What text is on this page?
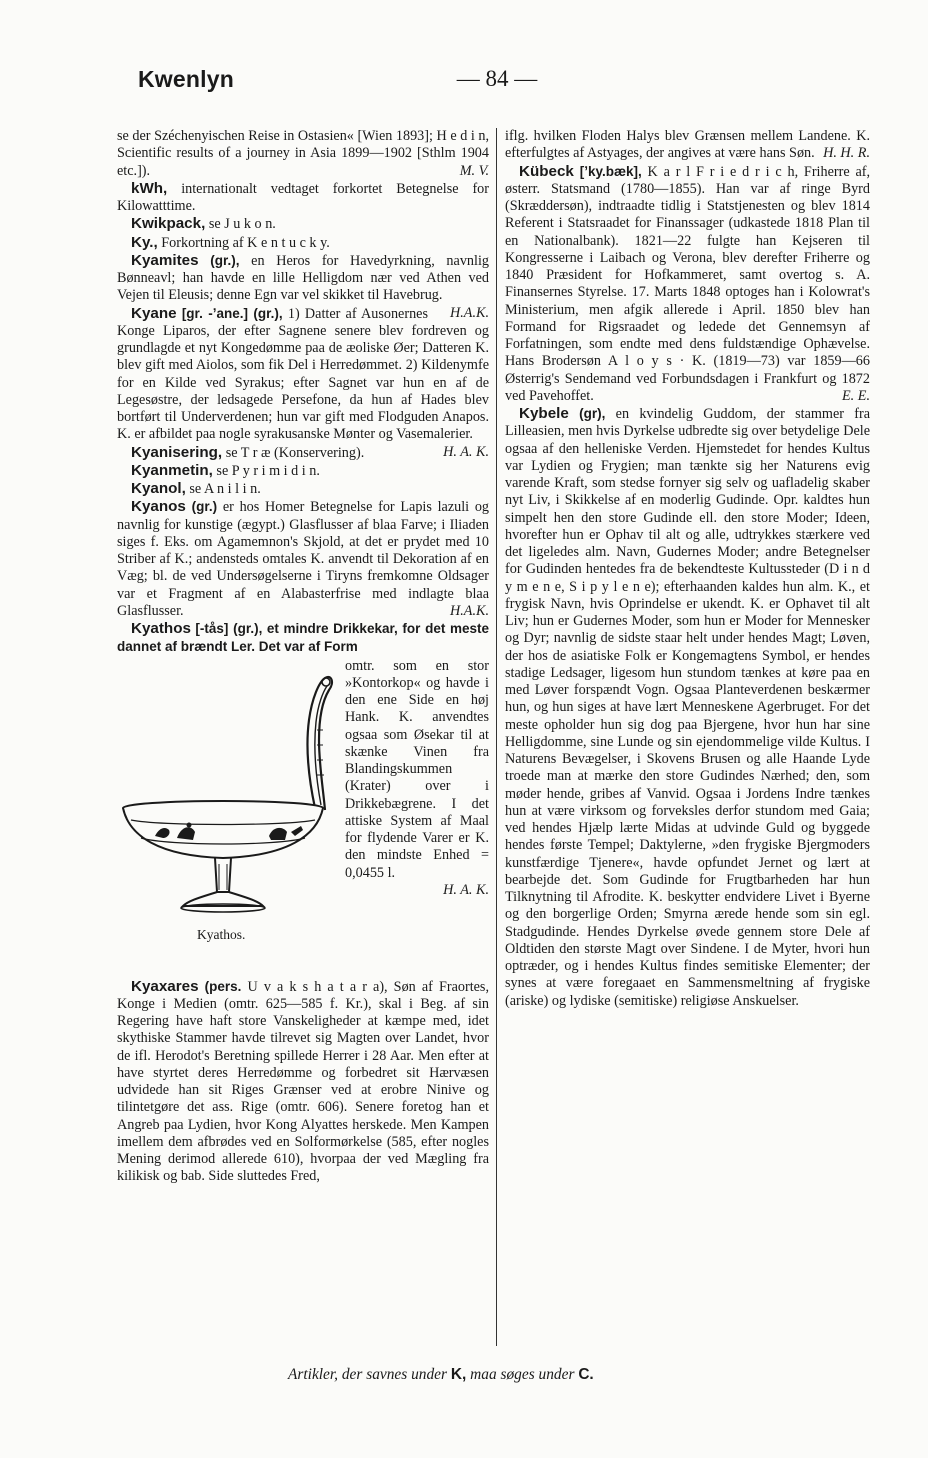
Kwenlyn	— 84 —

se der Széchenyischen Reise in Ostasien« [Wien 1893]; H e d i n, Scientific results of a journey in Asia 1899—1902 [Sthlm 1904 etc.]).	M. V.

kWh, internationalt vedtaget forkortet Betegnelse for Kilowatttime.

Kwikpack, se J u k o n.

Ky., Forkortning af K e n t u c k y.

Kyamites (gr.), en Heros for Havedyrkning, navnlig Bønneavl; han havde en lille Helligdom nær ved Athen ved Vejen til Eleusis; denne Egn var vel skikket til Havebrug.
H.A.K.

Kyane [gr. -ʼane.] (gr.), 1) Datter af Ausonernes Konge Liparos, der efter Sagnene senere blev fordreven og grundlagde et nyt Kongedømme paa de æoliske Øer; Datteren K. blev gift med Aiolos, som fik Del i Herredømmet. 2) Kildenymfe for en Kilde ved Syrakus; efter Sagnet var hun en af de Legesøstre, der ledsagede Persefone, da hun af Hades blev bortført til Underverdenen; hun var gift med Flodguden Anapos. K. er afbildet paa nogle syrakusanske Mønter og Vasemalerier.
H. A. K.

Kyanisering, se T r æ (Konservering).

Kyanmetin, se P y r i m i d i n.

Kyanol, se A n i l i n.

Kyanos (gr.) er hos Homer Betegnelse for Lapis lazuli og navnlig for kunstige (ægypt.) Glasflusser af blaa Farve; i Iliaden siges f. Eks. om Agamemnon's Skjold, at det er prydet med 10 Striber af K.; andensteds omtales K. anvendt til Dekoration af en Væg; bl. de ved Undersøgelserne i Tiryns fremkomne Oldsager var et Fragment af en Alabasterfrise med indlagte blaa Glasflusser.	H.A.K.

Kyathos [-tås] (gr.), et mindre Drikkekar, for det meste dannet af brændt Ler. Det var af Form

Kyathos.
omtr. som en stor »Kontorkop« og havde i den ene Side en høj Hank. K. anvendtes ogsaa som Øsekar til at skænke Vinen fra Blandingskummen (Krater) over i Drikkebægrene. I det attiske System af Maal for flydende Varer er K. den mindste Enhed = 0,0455 l.
H. A. K.

Kyaxares (pers. U v a k s h a t a r a), Søn af Fraortes, Konge i Medien (omtr. 625—585 f. Kr.), skal i Beg. af sin Regering have haft store Vanskeligheder at kæmpe med, idet skythiske Stammer havde tilrevet sig Magten over Landet, hvor de ifl. Herodot's Beretning spillede Herrer i 28 Aar. Men efter at have styrtet deres Herredømme og forbedret sit Hærvæsen udvidede han sit Riges Grænser ved at erobre Ninive og tilintetgøre det ass. Rige (omtr. 606). Senere foretog han et Angreb paa Lydien, hvor Kong Alyattes herskede. Men Kampen imellem dem afbrødes ved en Solformørkelse (585, efter nogles Mening derimod allerede 610), hvorpaa der ved Mægling fra kilikisk og bab. Side sluttedes Fred,

iflg. hvilken Floden Halys blev Grænsen mellem Landene. K. efterfulgtes af Astyages, der angives at være hans Søn. H. H. R.

Kübeck [ʼky.bæk], K a r l F r i e d r i c h, Friherre af, østerr. Statsmand (1780—1855). Han var af ringe Byrd (Skræddersøn), indtraadte tidlig i Statstjenesten og blev 1814 Referent i Statsraadet for Finanssager (udkastede 1818 Plan til en Nationalbank). 1821—22 fulgte han Kejseren til Kongresserne i Laibach og Verona, blev derefter Friherre og 1840 Præsident for Hofkammeret, samt overtog s. A. Finansernes Styrelse. 17. Marts 1848 optoges han i Kolowrat's Ministerium, men afgik allerede i April. 1850 blev han Formand for Rigsraadet og ledede det Gennemsyn af Forfatningen, som endte med dens fuldstændige Ophævelse. Hans Brodersøn A l o y s · K. (1819—73) var 1859—66 Østerrig's Sendemand ved Forbundsdagen i Frankfurt og 1872 ved Pavehoffet.	E. E.

Kybele (gr), en kvindelig Guddom, der stammer fra Lilleasien, men hvis Dyrkelse udbredte sig over betydelige Dele ogsaa af den helleniske Verden. Hjemstedet for hendes Kultus var Lydien og Frygien; man tænkte sig her Naturens evig varende Kraft, som stedse fornyer sig selv og uafladelig skaber nyt Liv, i Skikkelse af en moderlig Gudinde. Opr. kaldtes hun simpelt hen den store Gudinde ell. den store Moder; Ideen, hvorefter hun er Ophav til alt og alle, udtrykkes stærkere ved det ligeledes alm. Navn, Gudernes Moder; andre Betegnelser for Gudinden hentedes fra de bekendteste Kultussteder (D i n d y m e n e, S i p y l e n e); efterhaanden kaldes hun alm. K., et frygisk Navn, hvis Oprindelse er ukendt. K. er Ophavet til alt Liv; hun er Gudernes Moder, som hun er Moder for Mennesker og Dyr; navnlig de sidste staar helt under hendes Magt; Løven, der hos de asiatiske Folk er Kongemagtens Symbol, er hendes stadige Ledsager, ligesom hun stundom tænkes at køre paa en med Løver forspændt Vogn. Ogsaa Planteverdenen beskærmer hun, og hun siges at have lært Menneskene Agerbruget. For det meste opholder hun sig dog paa Bjergene, hvor hun har sine Helligdomme, sine Lunde og sin ejendommelige vilde Kultus. I Naturens Bevægelser, i Skovens Brusen og alle Haande Lyde troede man at mærke den store Gudindes Nærhed; den, som møder hende, gribes af Vanvid. Ogsaa i Jordens Indre tænkes hun at være virksom og forveksles derfor stundom med Gaia; ved hendes Hjælp lærte Midas at udvinde Guld og byggede hendes første Tempel; Daktylerne, »den frygiske Bjergmoders kunstfærdige Tjenere«, havde opfundet Jernet og lært at bearbejde det. Som Gudinde for Frugtbarheden har hun Tilknytning til Afrodite. K. beskytter endvidere Livet i Byerne og den borgerlige Orden; Smyrna ærede hende som sin egl. Stadgudinde. Hendes Dyrkelse øvede gennem store Dele af Oldtiden den største Magt over Sindene. I de Myter, hvori hun optræder, og i hendes Kultus findes semitiske Elementer; der synes at være foregaaet en Sammensmeltning af frygiske (ariske) og lydiske (semitiske) religiøse Anskuelser.

Artikler, der savnes under K, maa søges under C.
